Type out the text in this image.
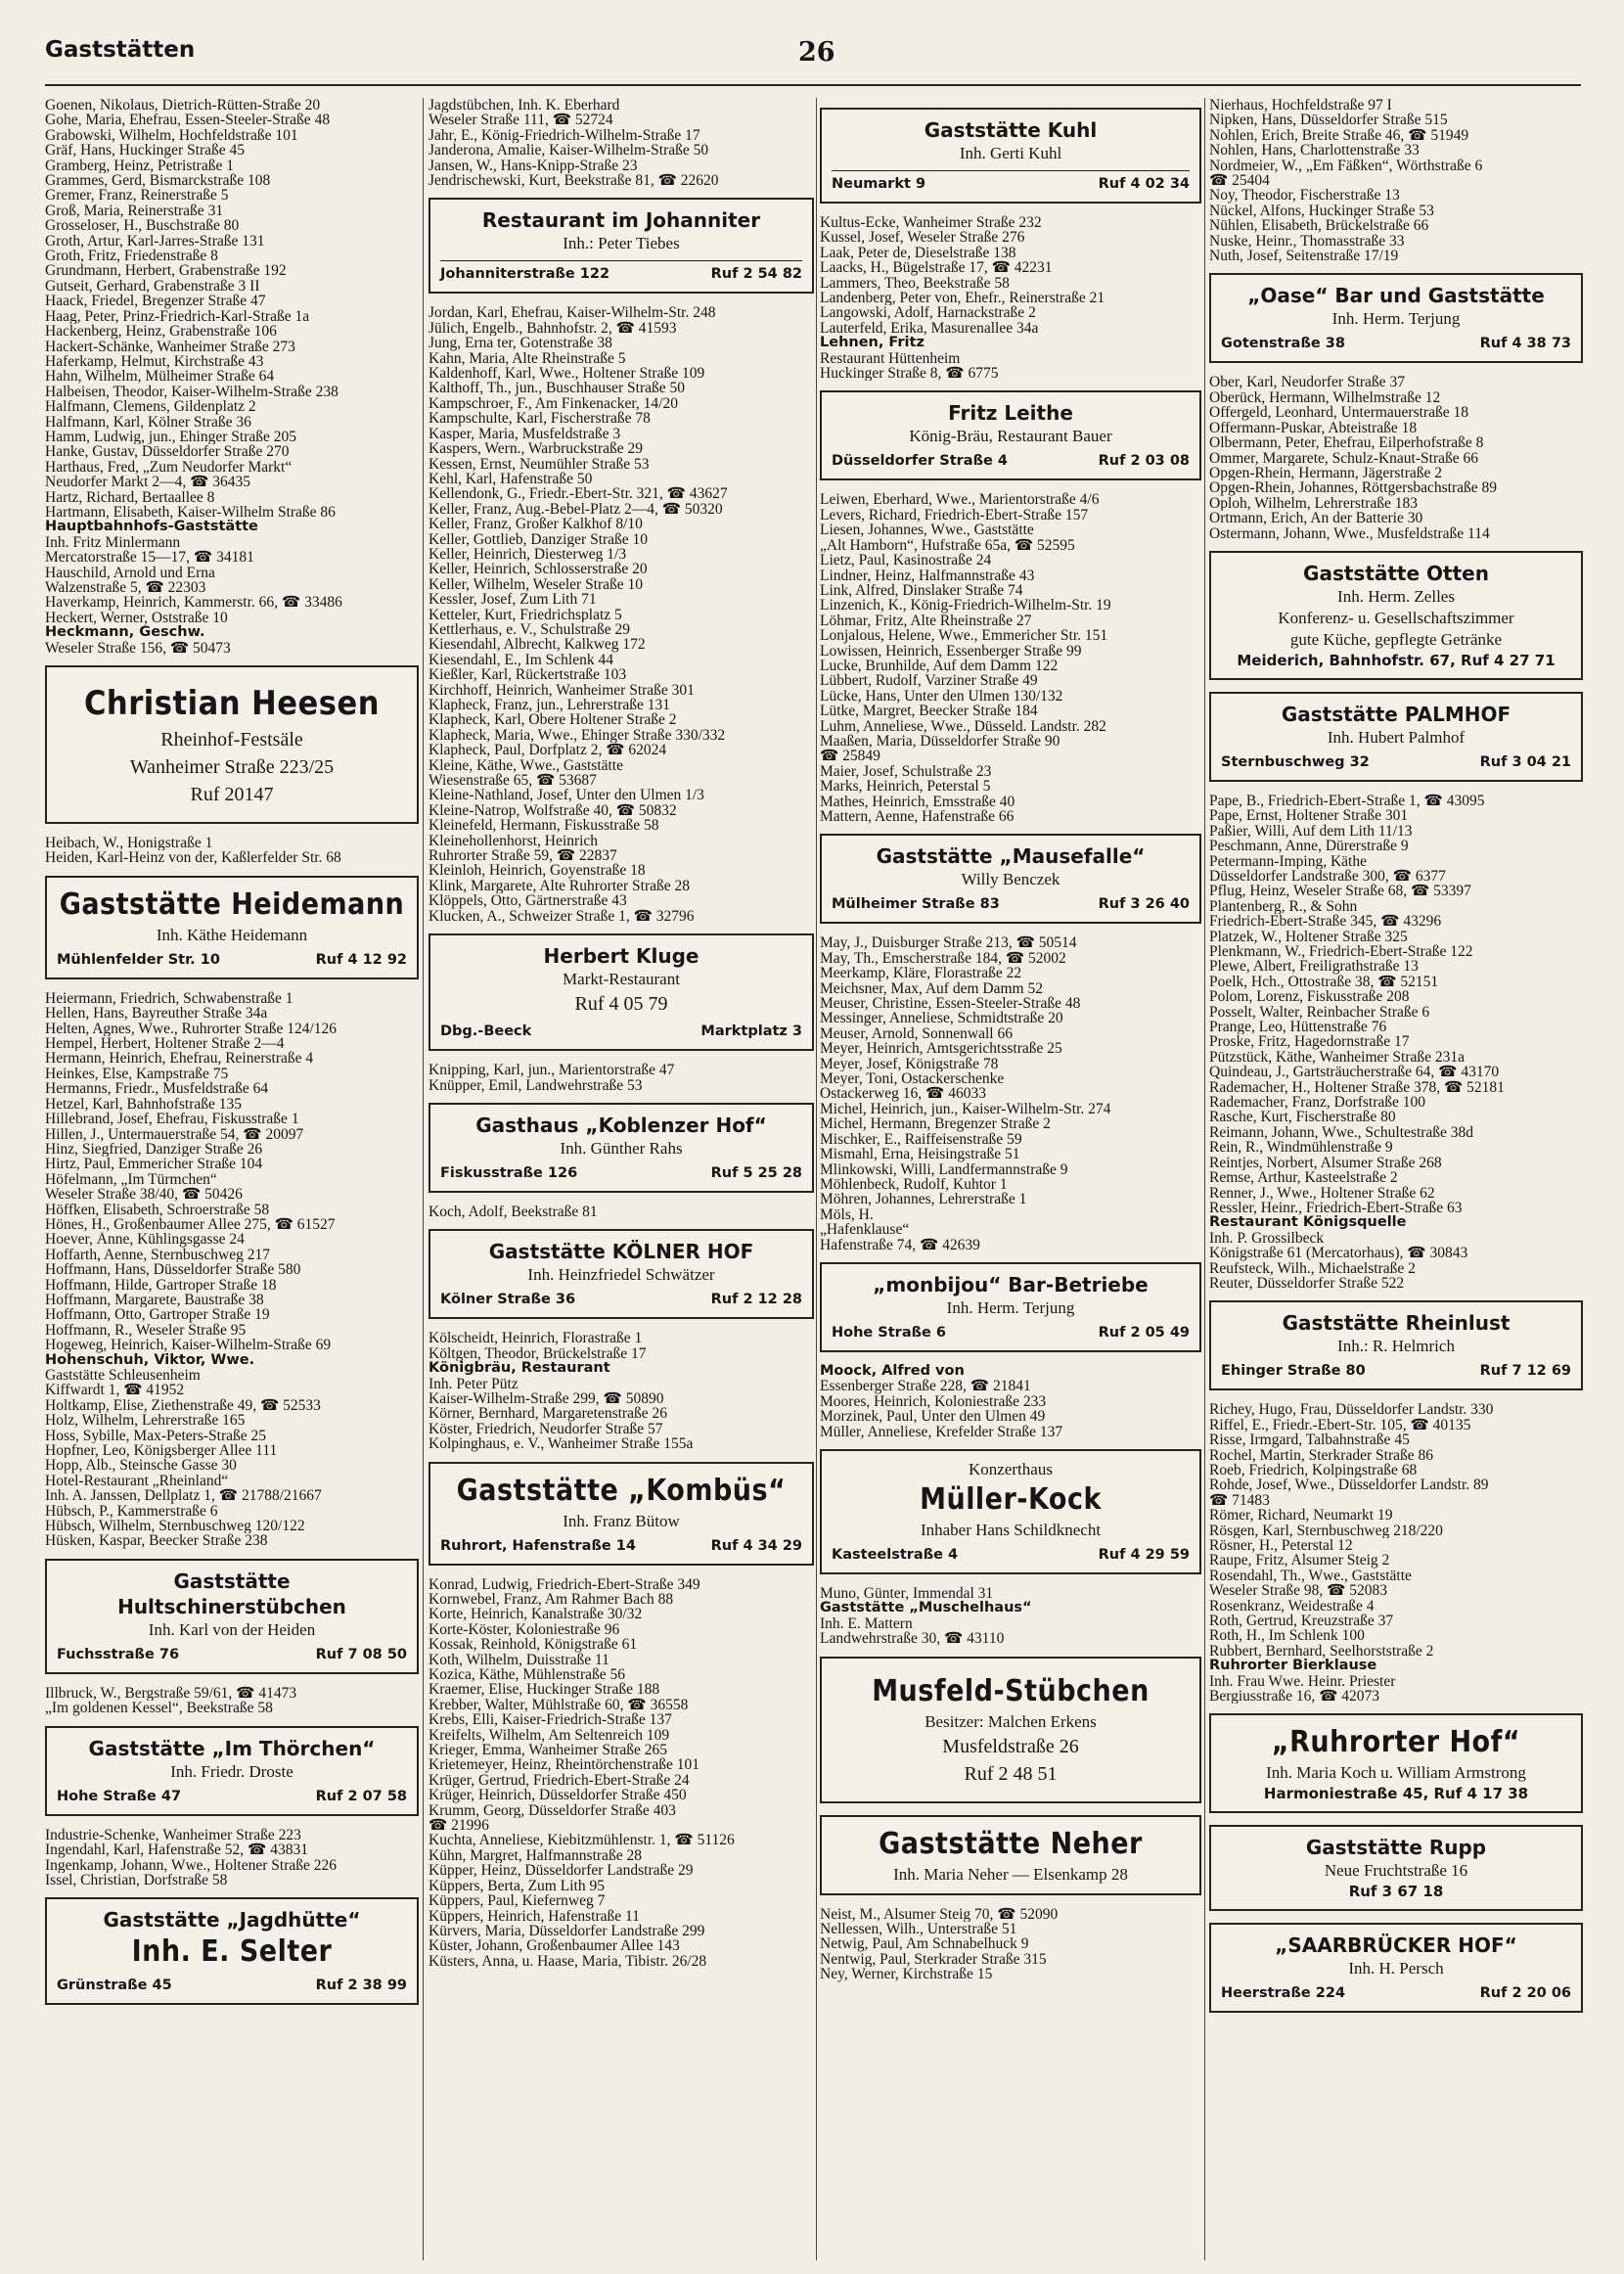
Gaststätten	26
Goenen, Nikolaus, Dietrich-Rütten-Straße 20
Gohe, Maria, Ehefrau, Essen-Steeler-Straße 48
Grabowski, Wilhelm, Hochfeldstraße 101
Gräf, Hans, Huckinger Straße 45
Gramberg, Heinz, Petristraße 1
Grammes, Gerd, Bismarckstraße 108
Gremer, Franz, Reinerstraße 5
Groß, Maria, Reinerstraße 31
Grosseloser, H., Buschstraße 80
Groth, Artur, Karl-Jarres-Straße 131
Groth, Fritz, Friedenstraße 8
Grundmann, Herbert, Grabenstraße 192
Gutseit, Gerhard, Grabenstraße 3 II
Haack, Friedel, Bregenzer Straße 47
Haag, Peter, Prinz-Friedrich-Karl-Straße 1a
Hackenberg, Heinz, Grabenstraße 106
Hackert-Schänke, Wanheimer Straße 273
Haferkamp, Helmut, Kirchstraße 43
Hahn, Wilhelm, Mülheimer Straße 64
Halbeisen, Theodor, Kaiser-Wilhelm-Straße 238
Halfmann, Clemens, Gildenplatz 2
Halfmann, Karl, Kölner Straße 36
Hamm, Ludwig, jun., Ehinger Straße 205
Hanke, Gustav, Düsseldorfer Straße 270
Harthaus, Fred, „Zum Neudorfer Markt“
Neudorfer Markt 2—4, ☎ 36435
Hartz, Richard, Bertaallee 8
Hartmann, Elisabeth, Kaiser-Wilhelm Straße 86
Hauptbahnhofs-Gaststätte
Inh. Fritz Minlermann
Mercatorstraße 15—17, ☎ 34181
Hauschild, Arnold und Erna
Walzenstraße 5, ☎ 22303
Haverkamp, Heinrich, Kammerstr. 66, ☎ 33486
Heckert, Werner, Oststraße 10
Heckmann, Geschw.
Weseler Straße 156, ☎ 50473
Christian Heesen
Rheinhof-Festsäle
Wanheimer Straße 223/25
Ruf 20147
Heibach, W., Honigstraße 1
Heiden, Karl-Heinz von der, Kaßlerfelder Str. 68
Gaststätte Heidemann
Inh. Käthe Heidemann
Mühlenfelder Str. 10	Ruf 4 12 92
Heiermann, Friedrich, Schwabenstraße 1
Hellen, Hans, Bayreuther Straße 34a
Helten, Agnes, Wwe., Ruhrorter Straße 124/126
Hempel, Herbert, Holtener Straße 2—4
Hermann, Heinrich, Ehefrau, Reinerstraße 4
Heinkes, Else, Kampstraße 75
Hermanns, Friedr., Musfeldstraße 64
Hetzel, Karl, Bahnhofstraße 135
Hillebrand, Josef, Ehefrau, Fiskusstraße 1
Hillen, J., Untermauerstraße 54, ☎ 20097
Hinz, Siegfried, Danziger Straße 26
Hirtz, Paul, Emmericher Straße 104
Höfelmann, „Im Türmchen“
Weseler Straße 38/40, ☎ 50426
Höffken, Elisabeth, Schroerstraße 58
Hönes, H., Großenbaumer Allee 275, ☎ 61527
Hoever, Änne, Kühlingsgasse 24
Hoffarth, Aenne, Sternbuschweg 217
Hoffmann, Hans, Düsseldorfer Straße 580
Hoffmann, Hilde, Gartroper Straße 18
Hoffmann, Margarete, Baustraße 38
Hoffmann, Otto, Gartroper Straße 19
Hoffmann, R., Weseler Straße 95
Hogeweg, Heinrich, Kaiser-Wilhelm-Straße 69
Hohenschuh, Viktor, Wwe.
Gaststätte Schleusenheim
Kiffwardt 1, ☎ 41952
Holtkamp, Elise, Ziethenstraße 49, ☎ 52533
Holz, Wilhelm, Lehrerstraße 165
Hoss, Sybille, Max-Peters-Straße 25
Hopfner, Leo, Königsberger Allee 111
Hopp, Alb., Steinsche Gasse 30
Hotel-Restaurant „Rheinland“
Inh. A. Janssen, Dellplatz 1, ☎ 21788/21667
Hübsch, P., Kammerstraße 6
Hübsch, Wilhelm, Sternbuschweg 120/122
Hüsken, Kaspar, Beecker Straße 238
Gaststätte Hultschinerstübchen
Inh. Karl von der Heiden
Fuchsstraße 76	Ruf 7 08 50
Illbruck, W., Bergstraße 59/61, ☎ 41473
„Im goldenen Kessel“, Beekstraße 58
Gaststätte „Im Thörchen“
Inh. Friedr. Droste
Hohe Straße 47	Ruf 2 07 58
Industrie-Schenke, Wanheimer Straße 223
Ingendahl, Karl, Hafenstraße 52, ☎ 43831
Ingenkamp, Johann, Wwe., Holtener Straße 226
Issel, Christian, Dorfstraße 58
Gaststätte „Jagdhütte“
Inh. E. Selter
Grünstraße 45	Ruf 2 38 99
Jagdstübchen, Inh. K. Eberhard
Weseler Straße 111, ☎ 52724
Jahr, E., König-Friedrich-Wilhelm-Straße 17
Janderona, Amalie, Kaiser-Wilhelm-Straße 50
Jansen, W., Hans-Knipp-Straße 23
Jendrischewski, Kurt, Beekstraße 81, ☎ 22620
Restaurant im Johanniter
Inh.: Peter Tiebes
Johanniterstraße 122	Ruf 2 54 82
Jordan, Karl, Ehefrau, Kaiser-Wilhelm-Str. 248
Jülich, Engelb., Bahnhofstr. 2, ☎ 41593
Jung, Erna ter, Gotenstraße 38
Kahn, Maria, Alte Rheinstraße 5
Kaldenhoff, Karl, Wwe., Holtener Straße 109
Kalthoff, Th., jun., Buschhauser Straße 50
Kampschroer, F., Am Finkenacker, 14/20
Kampschulte, Karl, Fischerstraße 78
Kasper, Maria, Musfeldstraße 3
Kaspers, Wern., Warbruckstraße 29
Kessen, Ernst, Neumühler Straße 53
Kehl, Karl, Hafenstraße 50
Kellendonk, G., Friedr.-Ebert-Str. 321, ☎ 43627
Keller, Franz, Aug.-Bebel-Platz 2—4, ☎ 50320
Keller, Franz, Großer Kalkhof 8/10
Keller, Gottlieb, Danziger Straße 10
Keller, Heinrich, Diesterweg 1/3
Keller, Heinrich, Schlosserstraße 20
Keller, Wilhelm, Weseler Straße 10
Kessler, Josef, Zum Lith 71
Ketteler, Kurt, Friedrichsplatz 5
Kettlerhaus, e. V., Schulstraße 29
Kiesendahl, Albrecht, Kalkweg 172
Kiesendahl, E., Im Schlenk 44
Kießler, Karl, Rückertstraße 103
Kirchhoff, Heinrich, Wanheimer Straße 301
Klapheck, Franz, jun., Lehrerstraße 131
Klapheck, Karl, Obere Holtener Straße 2
Klapheck, Maria, Wwe., Ehinger Straße 330/332
Klapheck, Paul, Dorfplatz 2, ☎ 62024
Kleine, Käthe, Wwe., Gaststätte
Wiesenstraße 65, ☎ 53687
Kleine-Nathland, Josef, Unter den Ulmen 1/3
Kleine-Natrop, Wolfstraße 40, ☎ 50832
Kleinefeld, Hermann, Fiskusstraße 58
Kleinehollenhorst, Heinrich
Ruhrorter Straße 59, ☎ 22837
Kleinloh, Heinrich, Goyenstraße 18
Klink, Margarete, Alte Ruhrorter Straße 28
Klöppels, Otto, Gärtnerstraße 43
Klucken, A., Schweizer Straße 1, ☎ 32796
Herbert Kluge
Markt-Restaurant
Ruf 4 05 79
Dbg.-Beeck	Marktplatz 3
Knipping, Karl, jun., Marientorstraße 47
Knüpper, Emil, Landwehrstraße 53
Gasthaus „Koblenzer Hof“
Inh. Günther Rahs
Fiskusstraße 126	Ruf 5 25 28
Koch, Adolf, Beekstraße 81
Gaststätte KÖLNER HOF
Inh. Heinzfriedel Schwätzer
Kölner Straße 36	Ruf 2 12 28
Kölscheidt, Heinrich, Florastraße 1
Költgen, Theodor, Brückelstraße 17
Königbräu, Restaurant
Inh. Peter Pütz
Kaiser-Wilhelm-Straße 299, ☎ 50890
Körner, Bernhard, Margaretenstraße 26
Köster, Friedrich, Neudorfer Straße 57
Kolpinghaus, e. V., Wanheimer Straße 155a
Gaststätte „Kombüs“
Inh. Franz Bütow
Ruhrort, Hafenstraße 14	Ruf 4 34 29
Konrad, Ludwig, Friedrich-Ebert-Straße 349
Kornwebel, Franz, Am Rahmer Bach 88
Korte, Heinrich, Kanalstraße 30/32
Korte-Köster, Koloniestraße 96
Kossak, Reinhold, Königstraße 61
Koth, Wilhelm, Duisstraße 11
Kozica, Käthe, Mühlenstraße 56
Kraemer, Elise, Huckinger Straße 188
Krebber, Walter, Mühlstraße 60, ☎ 36558
Krebs, Elli, Kaiser-Friedrich-Straße 137
Kreifelts, Wilhelm, Am Seltenreich 109
Krieger, Emma, Wanheimer Straße 265
Krietemeyer, Heinz, Rheintörchenstraße 101
Krüger, Gertrud, Friedrich-Ebert-Straße 24
Krüger, Heinrich, Düsseldorfer Straße 450
Krumm, Georg, Düsseldorfer Straße 403
☎ 21996
Kuchta, Anneliese, Kiebitzmühlenstr. 1, ☎ 51126
Kühn, Margret, Halfmannstraße 28
Küpper, Heinz, Düsseldorfer Landstraße 29
Küppers, Berta, Zum Lith 95
Küppers, Paul, Kiefernweg 7
Küppers, Heinrich, Hafenstraße 11
Kürvers, Maria, Düsseldorfer Landstraße 299
Küster, Johann, Großenbaumer Allee 143
Küsters, Anna, u. Haase, Maria, Tibistr. 26/28
Gaststätte Kuhl
Inh. Gerti Kuhl
Neumarkt 9	Ruf 4 02 34
Kultus-Ecke, Wanheimer Straße 232
Kussel, Josef, Weseler Straße 276
Laak, Peter de, Dieselstraße 138
Laacks, H., Bügelstraße 17, ☎ 42231
Lammers, Theo, Beekstraße 58
Landenberg, Peter von, Ehefr., Reinerstraße 21
Langowski, Adolf, Harnackstraße 2
Lauterfeld, Erika, Masurenallee 34a
Lehnen, Fritz
Restaurant Hüttenheim
Huckinger Straße 8, ☎ 6775
Fritz Leithe
König-Bräu, Restaurant Bauer
Düsseldorfer Straße 4	Ruf 2 03 08
Leiwen, Eberhard, Wwe., Marientorstraße 4/6
Levers, Richard, Friedrich-Ebert-Straße 157
Liesen, Johannes, Wwe., Gaststätte
„Alt Hamborn“, Hufstraße 65a, ☎ 52595
Lietz, Paul, Kasinostraße 24
Lindner, Heinz, Halfmannstraße 43
Link, Alfred, Dinslaker Straße 74
Linzenich, K., König-Friedrich-Wilhelm-Str. 19
Löhmar, Fritz, Alte Rheinstraße 27
Lonjalous, Helene, Wwe., Emmericher Str. 151
Lowissen, Heinrich, Essenberger Straße 99
Lucke, Brunhilde, Auf dem Damm 122
Lübbert, Rudolf, Varziner Straße 49
Lücke, Hans, Unter den Ulmen 130/132
Lütke, Margret, Beecker Straße 184
Luhm, Anneliese, Wwe., Düsseld. Landstr. 282
Maaßen, Maria, Düsseldorfer Straße 90
☎ 25849
Maier, Josef, Schulstraße 23
Marks, Heinrich, Peterstal 5
Mathes, Heinrich, Emsstraße 40
Mattern, Aenne, Hafenstraße 66
Gaststätte „Mausefalle“
Willy Benczek
Mülheimer Straße 83	Ruf 3 26 40
May, J., Duisburger Straße 213, ☎ 50514
May, Th., Emscherstraße 184, ☎ 52002
Meerkamp, Kläre, Florastraße 22
Meichsner, Max, Auf dem Damm 52
Meuser, Christine, Essen-Steeler-Straße 48
Messinger, Anneliese, Schmidtstraße 20
Meuser, Arnold, Sonnenwall 66
Meyer, Heinrich, Amtsgerichtsstraße 25
Meyer, Josef, Königstraße 78
Meyer, Toni, Ostackerschenke
Ostackerweg 16, ☎ 46033
Michel, Heinrich, jun., Kaiser-Wilhelm-Str. 274
Michel, Hermann, Bregenzer Straße 2
Mischker, E., Raiffeisenstraße 59
Mismahl, Erna, Heisingstraße 51
Mlinkowski, Willi, Landfermannstraße 9
Möhlenbeck, Rudolf, Kuhtor 1
Möhren, Johannes, Lehrerstraße 1
Möls, H.
„Hafenklause“
Hafenstraße 74, ☎ 42639
„monbijou“ Bar-Betriebe
Inh. Herm. Terjung
Hohe Straße 6	Ruf 2 05 49
Moock, Alfred von
Essenberger Straße 228, ☎ 21841
Moores, Heinrich, Koloniestraße 233
Morzinek, Paul, Unter den Ulmen 49
Müller, Anneliese, Krefelder Straße 137
Konzerthaus
Müller-Kock
Inhaber Hans Schildknecht
Kasteelstraße 4	Ruf 4 29 59
Muno, Günter, Immendal 31
Gaststätte „Muschelhaus“
Inh. E. Mattern
Landwehrstraße 30, ☎ 43110
Musfeld-Stübchen
Besitzer: Malchen Erkens
Musfeldstraße 26
Ruf 2 48 51
Gaststätte Neher
Inh. Maria Neher — Elsenkamp 28
Neist, M., Alsumer Steig 70, ☎ 52090
Nellessen, Wilh., Unterstraße 51
Netwig, Paul, Am Schnabelhuck 9
Nentwig, Paul, Sterkrader Straße 315
Ney, Werner, Kirchstraße 15
Nierhaus, Hochfeldstraße 97 I
Nipken, Hans, Düsseldorfer Straße 515
Nohlen, Erich, Breite Straße 46, ☎ 51949
Nohlen, Hans, Charlottenstraße 33
Nordmeier, W., „Em Fäßken“, Wörthstraße 6
☎ 25404
Noy, Theodor, Fischerstraße 13
Nückel, Alfons, Huckinger Straße 53
Nühlen, Elisabeth, Brückelstraße 66
Nuske, Heinr., Thomasstraße 33
Nuth, Josef, Seitenstraße 17/19
„Oase“ Bar und Gaststätte
Inh. Herm. Terjung
Gotenstraße 38	Ruf 4 38 73
Ober, Karl, Neudorfer Straße 37
Oberück, Hermann, Wilhelmstraße 12
Offergeld, Leonhard, Untermauerstraße 18
Offermann-Puskar, Abteistraße 18
Olbermann, Peter, Ehefrau, Eilperhofstraße 8
Ommer, Margarete, Schulz-Knaut-Straße 66
Opgen-Rhein, Hermann, Jägerstraße 2
Opgen-Rhein, Johannes, Röttgersbachstraße 89
Oploh, Wilhelm, Lehrerstraße 183
Ortmann, Erich, An der Batterie 30
Ostermann, Johann, Wwe., Musfeldstraße 114
Gaststätte Otten
Inh. Herm. Zelles
Konferenz- u. Gesellschaftszimmer
gute Küche, gepflegte Getränke
Meiderich, Bahnhofstr. 67, Ruf 4 27 71
Gaststätte PALMHOF
Inh. Hubert Palmhof
Sternbuschweg 32	Ruf 3 04 21
Pape, B., Friedrich-Ebert-Straße 1, ☎ 43095
Pape, Ernst, Holtener Straße 301
Paßier, Willi, Auf dem Lith 11/13
Peschmann, Anne, Dürerstraße 9
Petermann-Imping, Käthe
Düsseldorfer Landstraße 300, ☎ 6377
Pflug, Heinz, Weseler Straße 68, ☎ 53397
Plantenberg, R., & Sohn
Friedrich-Ebert-Straße 345, ☎ 43296
Platzek, W., Holtener Straße 325
Plenkmann, W., Friedrich-Ebert-Straße 122
Plewe, Albert, Freiligrathstraße 13
Poelk, Hch., Ottostraße 38, ☎ 52151
Polom, Lorenz, Fiskusstraße 208
Posselt, Walter, Reinbacher Straße 6
Prange, Leo, Hüttenstraße 76
Proske, Fritz, Hagedornstraße 17
Pützstück, Käthe, Wanheimer Straße 231a
Quindeau, J., Gartsträucherstraße 64, ☎ 43170
Rademacher, H., Holtener Straße 378, ☎ 52181
Rademacher, Franz, Dorfstraße 100
Rasche, Kurt, Fischerstraße 80
Reimann, Johann, Wwe., Schultestraße 38d
Rein, R., Windmühlenstraße 9
Reintjes, Norbert, Alsumer Straße 268
Remse, Arthur, Kasteelstraße 2
Renner, J., Wwe., Holtener Straße 62
Ressler, Heinr., Friedrich-Ebert-Straße 63
Restaurant Königsquelle
Inh. P. Grossilbeck
Königstraße 61 (Mercatorhaus), ☎ 30843
Reufsteck, Wilh., Michaelstraße 2
Reuter, Düsseldorfer Straße 522
Gaststätte Rheinlust
Inh.: R. Helmrich
Ehinger Straße 80	Ruf 7 12 69
Richey, Hugo, Frau, Düsseldorfer Landstr. 330
Riffel, E., Friedr.-Ebert-Str. 105, ☎ 40135
Risse, Irmgard, Talbahnstraße 45
Rochel, Martin, Sterkrader Straße 86
Roeb, Friedrich, Kolpingstraße 68
Rohde, Josef, Wwe., Düsseldorfer Landstr. 89
☎ 71483
Römer, Richard, Neumarkt 19
Rösgen, Karl, Sternbuschweg 218/220
Rösner, H., Peterstal 12
Raupe, Fritz, Alsumer Steig 2
Rosendahl, Th., Wwe., Gaststätte
Weseler Straße 98, ☎ 52083
Rosenkranz, Weidestraße 4
Roth, Gertrud, Kreuzstraße 37
Roth, H., Im Schlenk 100
Rubbert, Bernhard, Seelhorststraße 2
Ruhrorter Bierklause
Inh. Frau Wwe. Heinr. Priester
Bergiusstraße 16, ☎ 42073
„Ruhrorter Hof“
Inh. Maria Koch u. William Armstrong
Harmoniestraße 45, Ruf 4 17 38
Gaststätte Rupp
Neue Fruchtstraße 16
Ruf 3 67 18
„SAARBRÜCKER HOF“
Inh. H. Persch
Heerstraße 224	Ruf 2 20 06
